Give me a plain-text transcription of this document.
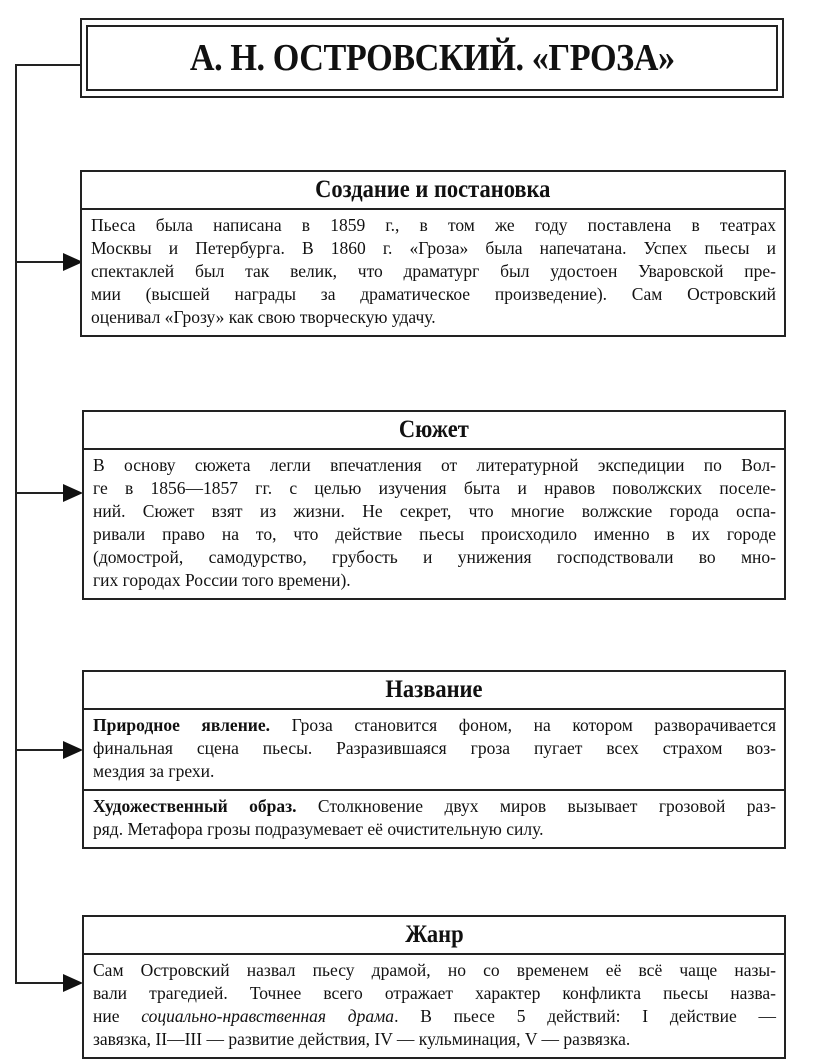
А. Н. ОСТРОВСКИЙ. «ГРОЗА»
Создание и постановка
Пьеса была написана в 1859 г., в том же году поставлена в театрах
Москвы и Петербурга. В 1860 г. «Гроза» была напечатана. Успех пьесы и
спектаклей был так велик, что драматург был удостоен Уваровской пре-
мии (высшей награды за драматическое произведение). Сам Островский
оценивал «Грозу» как свою творческую удачу.
Сюжет
В основу сюжета легли впечатления от литературной экспедиции по Вол-
ге в 1856—1857 гг. с целью изучения быта и нравов поволжских поселе-
ний. Сюжет взят из жизни. Не секрет, что многие волжские города оспа-
ривали право на то, что действие пьесы происходило именно в их городе
(домострой, самодурство, грубость и унижения господствовали во мно-
гих городах России того времени).
Название
Природное явление. Гроза становится фоном, на котором разворачивается
финальная сцена пьесы. Разразившаяся гроза пугает всех страхом воз-
мездия за грехи.
Художественный образ. Столкновение двух миров вызывает грозовой раз-
ряд. Метафора грозы подразумевает её очистительную силу.
Жанр
Сам Островский назвал пьесу драмой, но со временем её всё чаще назы-
вали трагедией. Точнее всего отражает характер конфликта пьесы назва-
ние социально-нравственная драма. В пьесе 5 действий: I действие —
завязка, II—III — развитие действия, IV — кульминация, V — развязка.
